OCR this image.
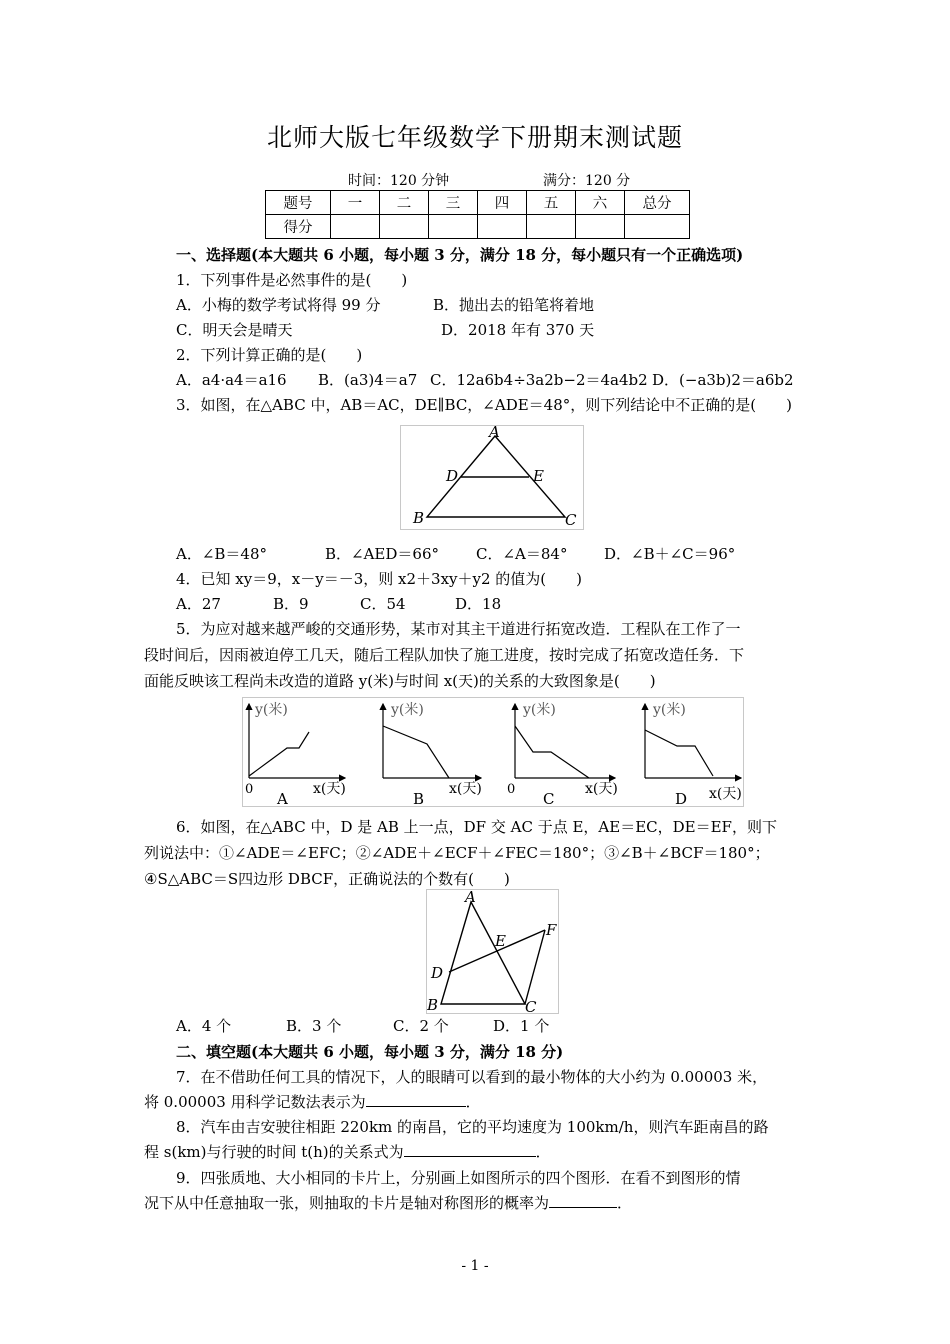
北师大版七年级数学下册期末测试题
时间：120 分钟	满分：120 分
题号	一	二	三	四	五	六	总分
得分							
一、选择题(本大题共 6 小题，每小题 3 分，满分 18 分，每小题只有一个正确选项)
1．下列事件是必然事件的是(　　)
A．小梅的数学考试将得 99 分	B．抛出去的铅笔将着地
C．明天会是晴天	D．2018 年有 370 天
2．下列计算正确的是(　　)
A．a4·a4＝a16 B．(a3)4＝a7 C．12a6b4÷3a2b−2＝4a4b2 D．(−a3b)2＝a6b2
3．如图，在△ABC 中，AB＝AC，DE∥BC，∠ADE＝48°，则下列结论中不正确的是(　　)
A
D	E
B	C
A．∠B＝48°	B．∠AED＝66° C．∠A＝84° D．∠B＋∠C＝96°
4．已知 xy＝9，x－y＝－3，则 x2＋3xy＋y2 的值为(　　)
A．27	B．9	C．54	D．18
5．为应对越来越严峻的交通形势，某市对其主干道进行拓宽改造．工程队在工作了一
段时间后，因雨被迫停工几天，随后工程队加快了施工进度，按时完成了拓宽改造任务．下
面能反映该工程尚未改造的道路 y(米)与时间 x(天)的关系的大致图象是(　　)
y(米)
0	x(天)
A
y(米)
x(天)
B
y(米)
0	x(天)
C
y(米)
x(天)
D
6．如图，在△ABC 中，D 是 AB 上一点，DF 交 AC 于点 E，AE＝EC，DE＝EF，则下
列说法中：①∠ADE＝∠EFC；②∠ADE＋∠ECF＋∠FEC＝180°；③∠B＋∠BCF＝180°；
④S△ABC＝S四边形 DBCF，正确说法的个数有(　　)
A
E
F
D
B	C
A．4 个	B．3 个	C．2 个	D．1 个
二、填空题(本大题共 6 小题，每小题 3 分，满分 18 分)
7．在不借助任何工具的情况下，人的眼睛可以看到的最小物体的大小约为 0.00003 米，
将 0.00003 用科学记数法表示为	．
8．汽车由吉安驶往相距 220km 的南昌，它的平均速度为 100km/h，则汽车距南昌的路
程 s(km)与行驶的时间 t(h)的关系式为	．
9．四张质地、大小相同的卡片上，分别画上如图所示的四个图形．在看不到图形的情
况下从中任意抽取一张，则抽取的卡片是轴对称图形的概率为	．
- 1 -
